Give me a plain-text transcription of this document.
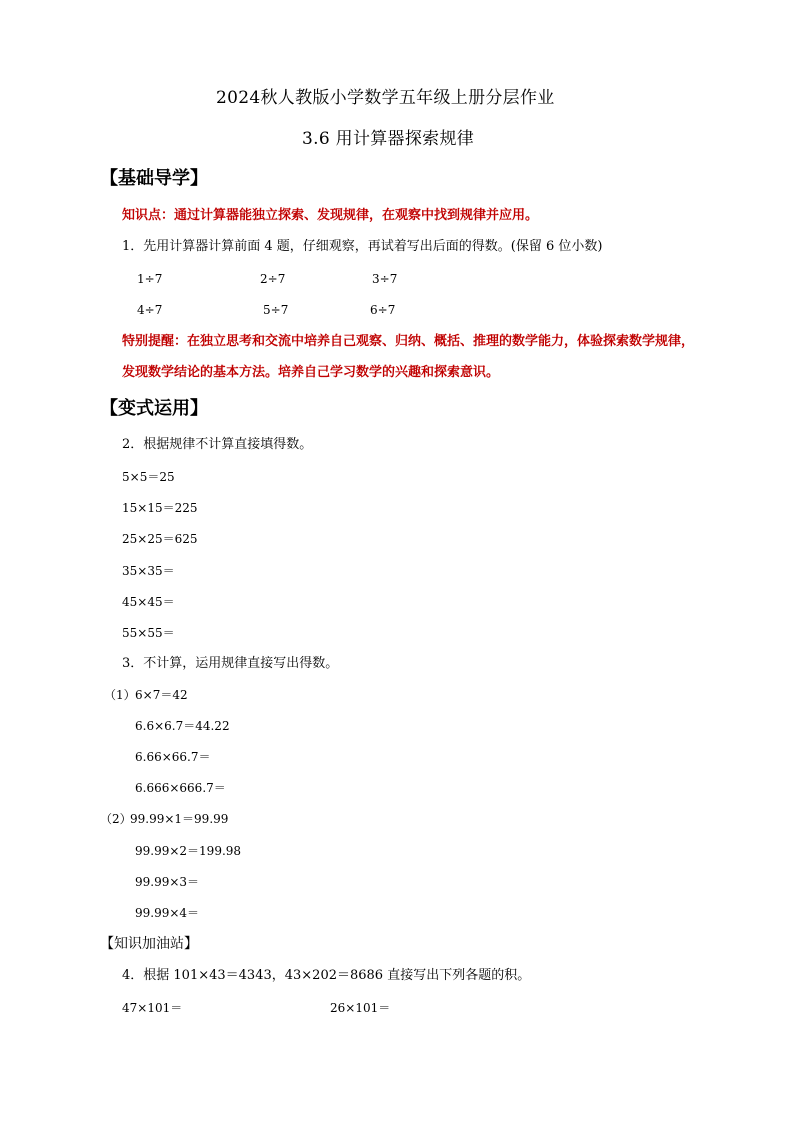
2024秋人教版小学数学五年级上册分层作业
3.6 用计算器探索规律
【基础导学】
知识点：通过计算器能独立探索、发现规律，在观察中找到规律并应用。
1．先用计算器计算前面 4 题，仔细观察，再试着写出后面的得数。(保留 6 位小数)
1÷7	2÷7	3÷7
4÷7	5÷7	6÷7
特别提醒：在独立思考和交流中培养自己观察、归纳、概括、推理的数学能力，体验探索数学规律，
发现数学结论的基本方法。培养自己学习数学的兴趣和探索意识。
【变式运用】
2．根据规律不计算直接填得数。
5×5＝25
15×15＝225
25×25＝625
35×35＝
45×45＝
55×55＝
3．不计算，运用规律直接写出得数。
（1） 6×7＝42
6.6×6.7＝44.22
6.66×66.7＝
6.666×666.7＝
（2）
99.99×1＝99.99
99.99×2＝199.98
99.99×3＝
99.99×4＝
【知识加油站】
4．根据 101×43＝4343，43×202＝8686 直接写出下列各题的积。
47×101＝	26×101＝
